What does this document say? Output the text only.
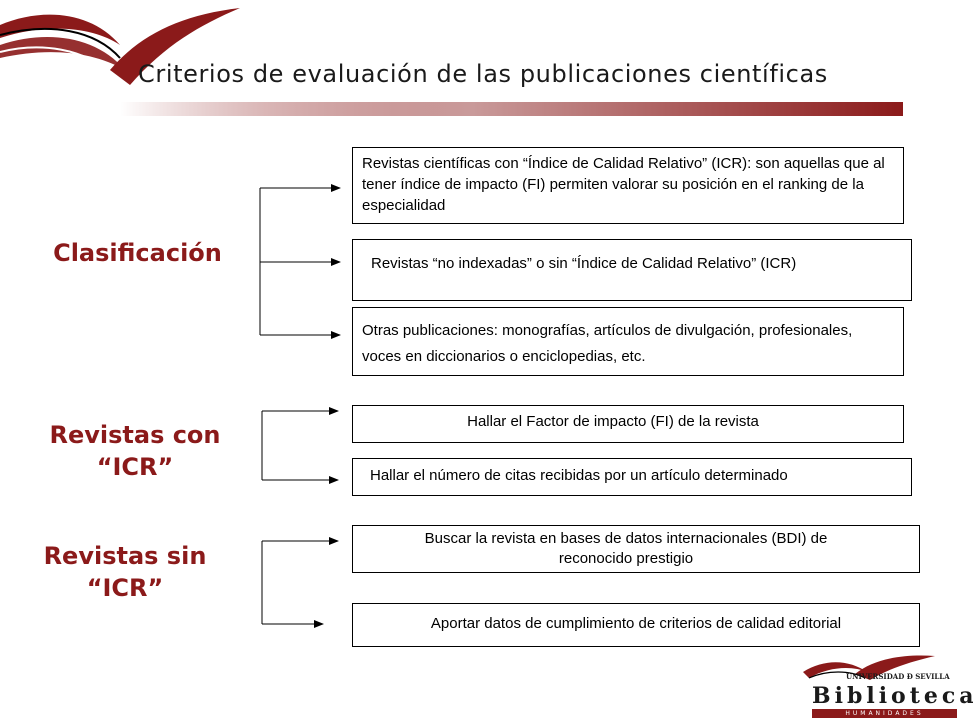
Criterios de evaluación de las publicaciones científicas
Clasificación
Revistas con
“ICR”
Revistas sin
“ICR”
Revistas científicas con “Índice de Calidad Relativo” (ICR): son aquellas que al tener índice de impacto (FI) permiten valorar su posición en el ranking de la especialidad
Revistas “no indexadas” o sin “Índice de Calidad Relativo” (ICR)
Otras publicaciones: monografías, artículos de divulgación, profesionales, voces en diccionarios o enciclopedias, etc.
Hallar el Factor de impacto (FI) de la revista
Hallar el número de citas recibidas por un artículo determinado
Buscar la revista en bases de datos internacionales (BDI) de reconocido prestigio
Aportar datos de cumplimiento de criterios de calidad editorial
UNIVERSIDAD Ð SEVILLA
Biblioteca
HUMANIDADES
